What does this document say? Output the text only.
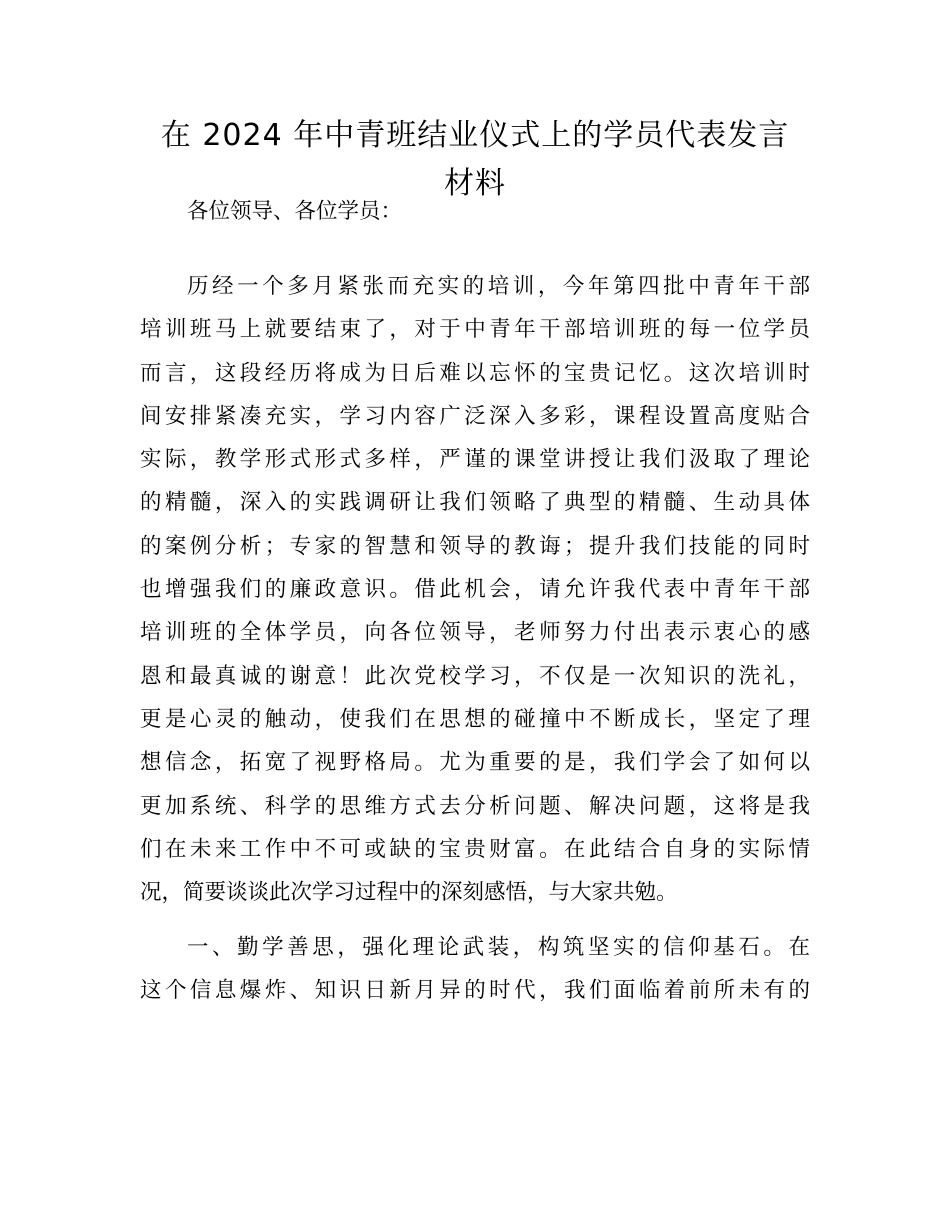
在 2024 年中青班结业仪式上的学员代表发言
材料
各位领导、各位学员：
历经一个多月紧张而充实的培训，今年第四批中青年干部
培训班马上就要结束了，对于中青年干部培训班的每一位学员
而言，这段经历将成为日后难以忘怀的宝贵记忆。这次培训时
间安排紧凑充实，学习内容广泛深入多彩，课程设置高度贴合
实际，教学形式形式多样，严谨的课堂讲授让我们汲取了理论
的精髓，深入的实践调研让我们领略了典型的精髓、生动具体
的案例分析；专家的智慧和领导的教诲；提升我们技能的同时
也增强我们的廉政意识。借此机会，请允许我代表中青年干部
培训班的全体学员，向各位领导，老师努力付出表示衷心的感
恩和最真诚的谢意！此次党校学习，不仅是一次知识的洗礼，
更是心灵的触动，使我们在思想的碰撞中不断成长，坚定了理
想信念，拓宽了视野格局。尤为重要的是，我们学会了如何以
更加系统、科学的思维方式去分析问题、解决问题，这将是我
们在未来工作中不可或缺的宝贵财富。在此结合自身的实际情
况，简要谈谈此次学习过程中的深刻感悟，与大家共勉。
一、勤学善思，强化理论武装，构筑坚实的信仰基石。在
这个信息爆炸、知识日新月异的时代，我们面临着前所未有的
